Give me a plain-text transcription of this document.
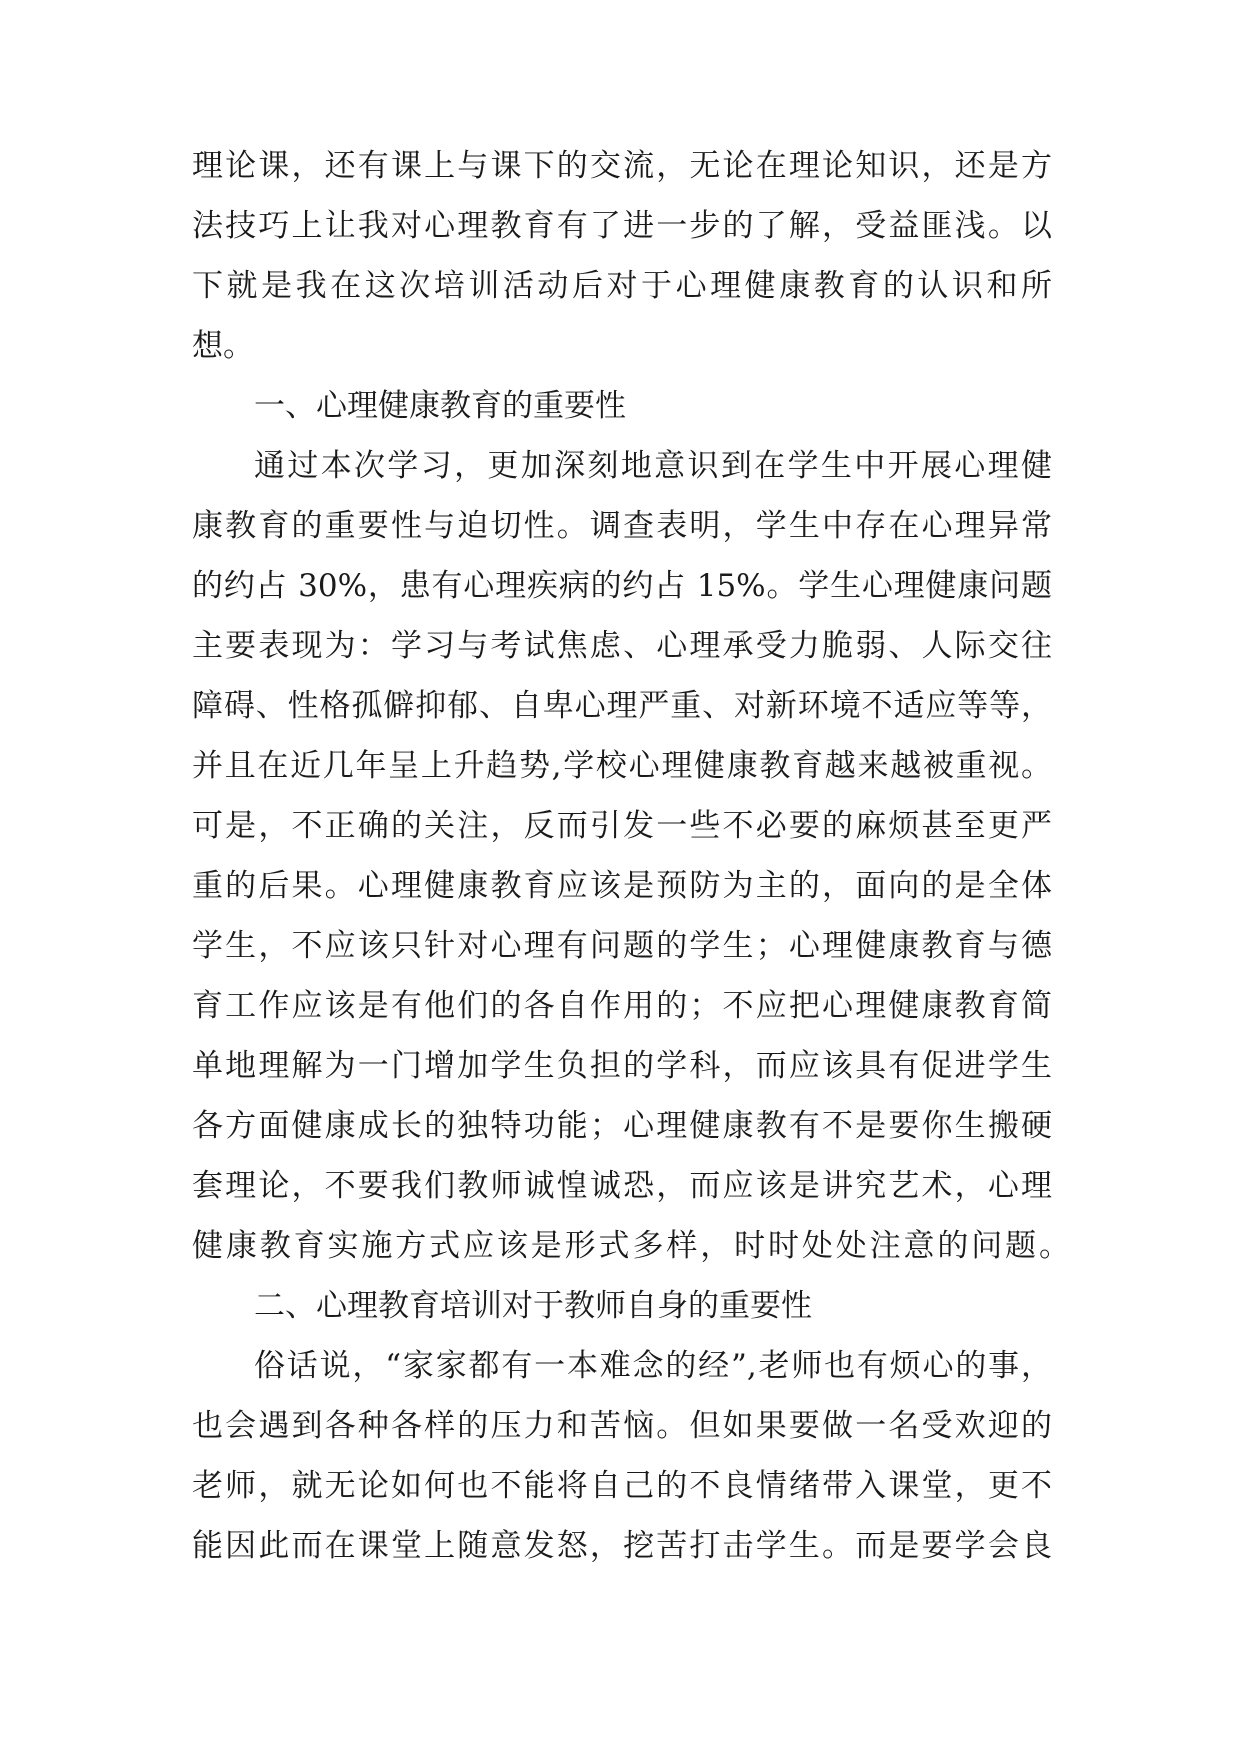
理论课，还有课上与课下的交流，无论在理论知识，还是方
法技巧上让我对心理教育有了进一步的了解，受益匪浅。以
下就是我在这次培训活动后对于心理健康教育的认识和所
想。
一、心理健康教育的重要性
通过本次学习，更加深刻地意识到在学生中开展心理健
康教育的重要性与迫切性。调查表明，学生中存在心理异常
的约占 30%，患有心理疾病的约占 15%。学生心理健康问题
主要表现为：学习与考试焦虑、心理承受力脆弱、人际交往
障碍、性格孤僻抑郁、自卑心理严重、对新环境不适应等等，
并且在近几年呈上升趋势,学校心理健康教育越来越被重视。
可是，不正确的关注，反而引发一些不必要的麻烦甚至更严
重的后果。心理健康教育应该是预防为主的，面向的是全体
学生，不应该只针对心理有问题的学生；心理健康教育与德
育工作应该是有他们的各自作用的；不应把心理健康教育简
单地理解为一门增加学生负担的学科，而应该具有促进学生
各方面健康成长的独特功能；心理健康教有不是要你生搬硬
套理论，不要我们教师诚惶诚恐，而应该是讲究艺术，心理
健康教育实施方式应该是形式多样，时时处处注意的问题。
二、心理教育培训对于教师自身的重要性
俗话说，“家家都有一本难念的经”,老师也有烦心的事，
也会遇到各种各样的压力和苦恼。但如果要做一名受欢迎的
老师，就无论如何也不能将自己的不良情绪带入课堂，更不
能因此而在课堂上随意发怒，挖苦打击学生。而是要学会良
